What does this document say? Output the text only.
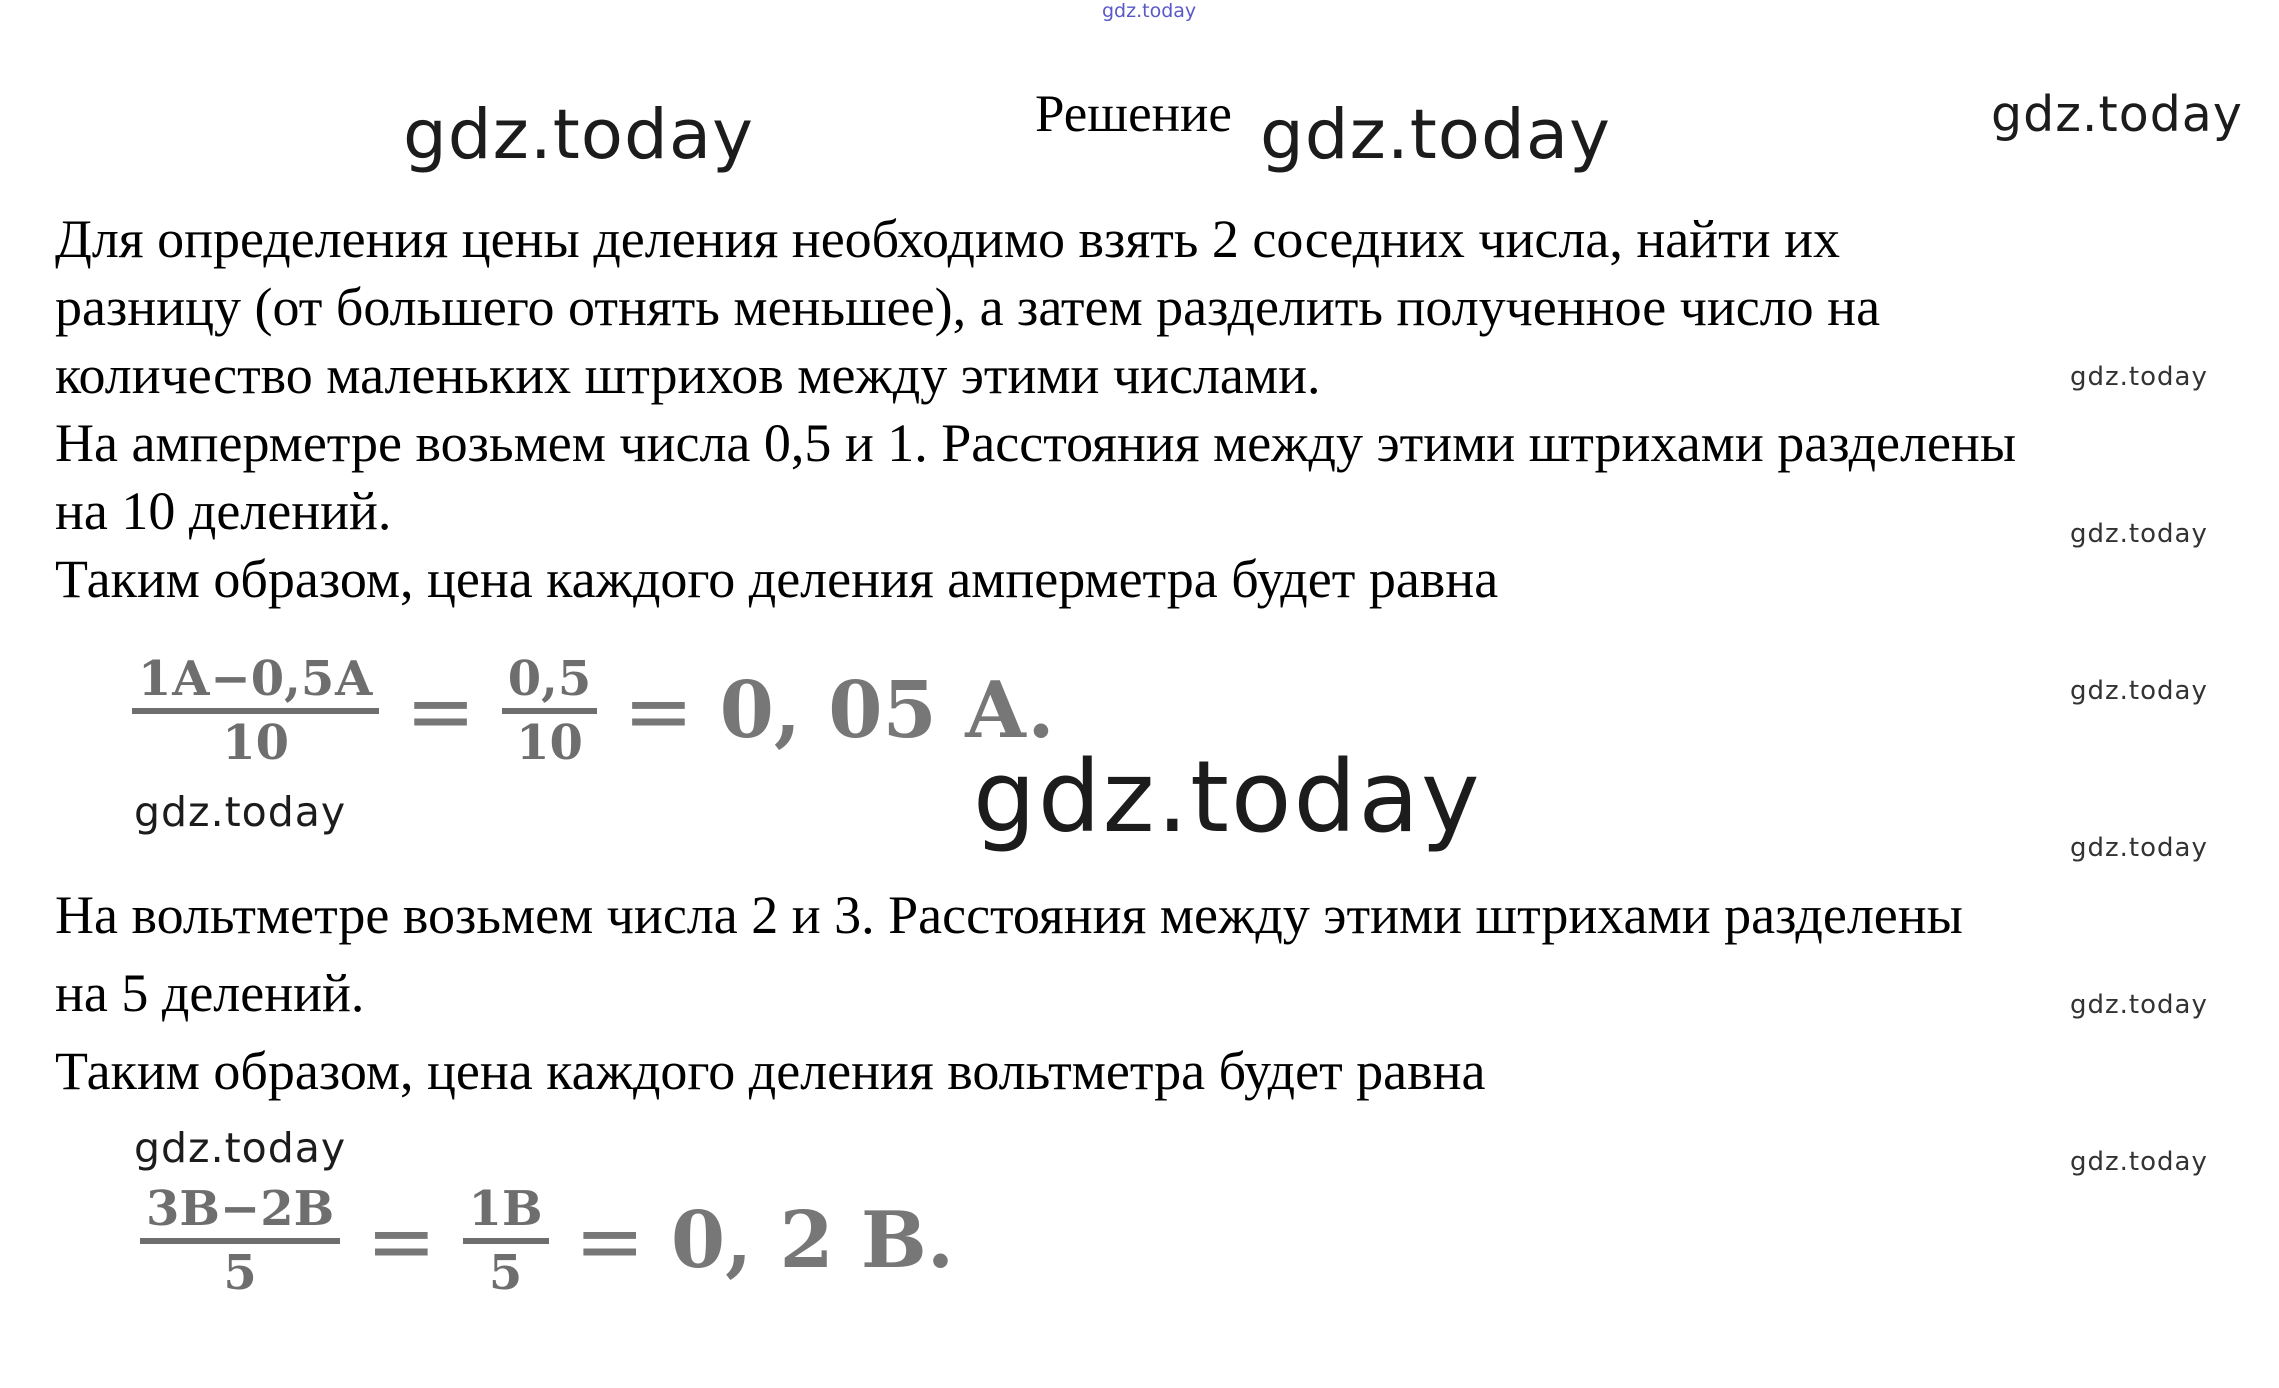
gdz.today
gdz.today	gdz.today	gdz.today
Решение
Для определения цены деления необходимо взять 2 соседних числа, найти их
разницу (от большего отнять меньшее), а затем разделить полученное число на
количество маленьких штрихов между этими числами.
На амперметре возьмем числа 0,5 и 1. Расстояния между этими штрихами разделены
на 10 делений.
Таким образом, цена каждого деления амперметра будет равна
gdz.today
gdz.today
gdz.today
gdz.today
gdz.today
gdz.today
1А−0,5А
10 = 0,5
10 = 0, 05 А.
gdz.today	gdz.today
На вольтметре возьмем числа 2 и 3. Расстояния между этими штрихами разделены
на 5 делений.
Таким образом, цена каждого деления вольтметра будет равна
gdz.today
3В−2В
5 = 1В
5 = 0, 2 В.
